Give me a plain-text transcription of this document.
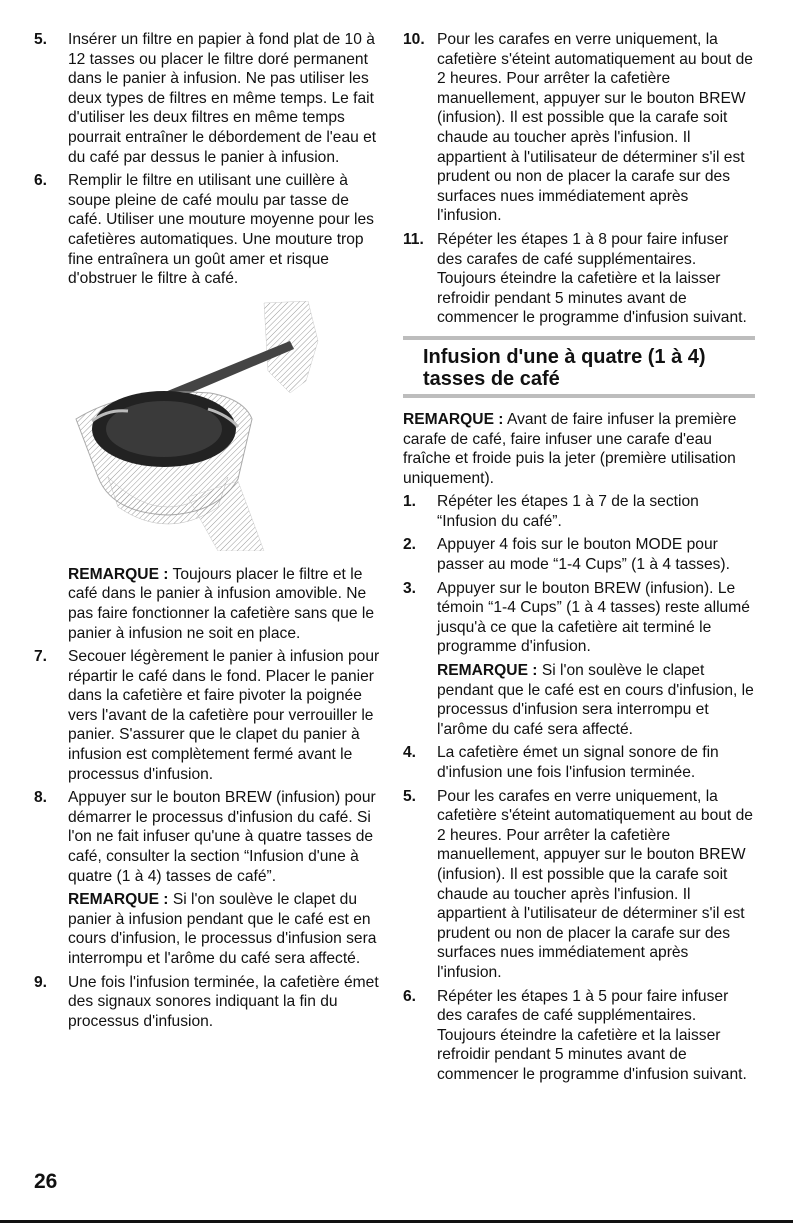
5. Insérer un filtre en papier à fond plat de 10 à 12 tasses ou placer le filtre doré permanent dans le panier à infusion. Ne pas utiliser les deux types de filtres en même temps. Le fait d'utiliser les deux filtres en même temps pourrait entraîner le débordement de l'eau et du café par dessus le panier à infusion.

6. Remplir le filtre en utilisant une cuillère à soupe pleine de café moulu par tasse de café. Utiliser une mouture moyenne pour les cafetières automatiques. Une mouture trop fine entraînera un goût amer et risque d'obstruer le filtre à café.

REMARQUE : Toujours placer le filtre et le café dans le panier à infusion amovible. Ne pas faire fonctionner la cafetière sans que le panier à infusion ne soit en place.

7. Secouer légèrement le panier à infusion pour répartir le café dans le fond. Placer le panier dans la cafetière et faire pivoter la poignée vers l'avant de la cafetière pour verrouiller le panier. S'assurer que le clapet du panier à infusion est complètement fermé avant le processus d'infusion.

8. Appuyer sur le bouton BREW (infusion) pour démarrer le processus d'infusion du café. Si l'on ne fait infuser qu'une à quatre tasses de café, consulter la section “Infusion d'une à quatre (1 à 4) tasses de café”.

REMARQUE : Si l'on soulève le clapet du panier à infusion pendant que le café est en cours d'infusion, le processus d'infusion sera interrompu et l'arôme du café sera affecté.

9. Une fois l'infusion terminée, la cafetière émet des signaux sonores indiquant la fin du processus d'infusion.

10. Pour les carafes en verre uniquement, la cafetière s'éteint automatiquement au bout de 2 heures. Pour arrêter la cafetière manuellement, appuyer sur le bouton BREW (infusion). Il est possible que la carafe soit chaude au toucher après l'infusion. Il appartient à l'utilisateur de déterminer s'il est prudent ou non de placer la carafe sur des surfaces nues immédiatement après l'infusion.

11. Répéter les étapes 1 à 8 pour faire infuser des carafes de café supplémentaires. Toujours éteindre la cafetière et la laisser refroidir pendant 5 minutes avant de commencer le programme d'infusion suivant.

Infusion d'une à quatre (1 à 4) tasses de café

REMARQUE : Avant de faire infuser la première carafe de café, faire infuser une carafe d'eau fraîche et froide puis la jeter (première utilisation uniquement).

1. Répéter les étapes 1 à 7 de la section “Infusion du café”.

2. Appuyer 4 fois sur le bouton MODE pour passer au mode “1-4 Cups” (1 à 4 tasses).

3. Appuyer sur le bouton BREW (infusion). Le témoin “1-4 Cups” (1 à 4 tasses) reste allumé jusqu'à ce que la cafetière ait terminé le programme d'infusion.

REMARQUE : Si l'on soulève le clapet pendant que le café est en cours d'infusion, le processus d'infusion sera interrompu et l'arôme du café sera affecté.

4. La cafetière émet un signal sonore de fin d'infusion une fois l'infusion terminée.

5. Pour les carafes en verre uniquement, la cafetière s'éteint automatiquement au bout de 2 heures. Pour arrêter la cafetière manuellement, appuyer sur le bouton BREW (infusion). Il est possible que la carafe soit chaude au toucher après l'infusion. Il appartient à l'utilisateur de déterminer s'il est prudent ou non de placer la carafe sur des surfaces nues immédiatement après l'infusion.

6. Répéter les étapes 1 à 5 pour faire infuser des carafes de café supplémentaires. Toujours éteindre la cafetière et la laisser refroidir pendant 5 minutes avant de commencer le programme d'infusion suivant.

26
